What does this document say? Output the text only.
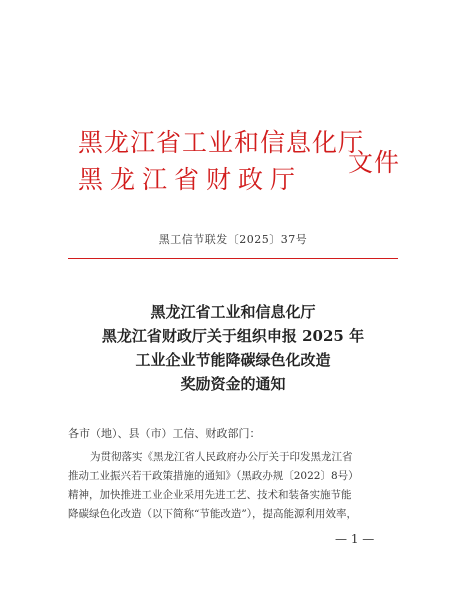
黑龙江省工业和信息化厅
黑龙江省财政厅
文件
黑工信节联发〔2025〕37号
黑龙江省工业和信息化厅
黑龙江省财政厅关于组织申报 2025 年
工业企业节能降碳绿色化改造
奖励资金的通知
各市（地）、县（市）工信、财政部门：
为贯彻落实《黑龙江省人民政府办公厅关于印发黑龙江省
推动工业振兴若干政策措施的通知》（黑政办规〔2022〕8号）
精神，加快推进工业企业采用先进工艺、技术和装备实施节能
降碳绿色化改造（以下简称“节能改造”），提高能源利用效率，
— 1 —
